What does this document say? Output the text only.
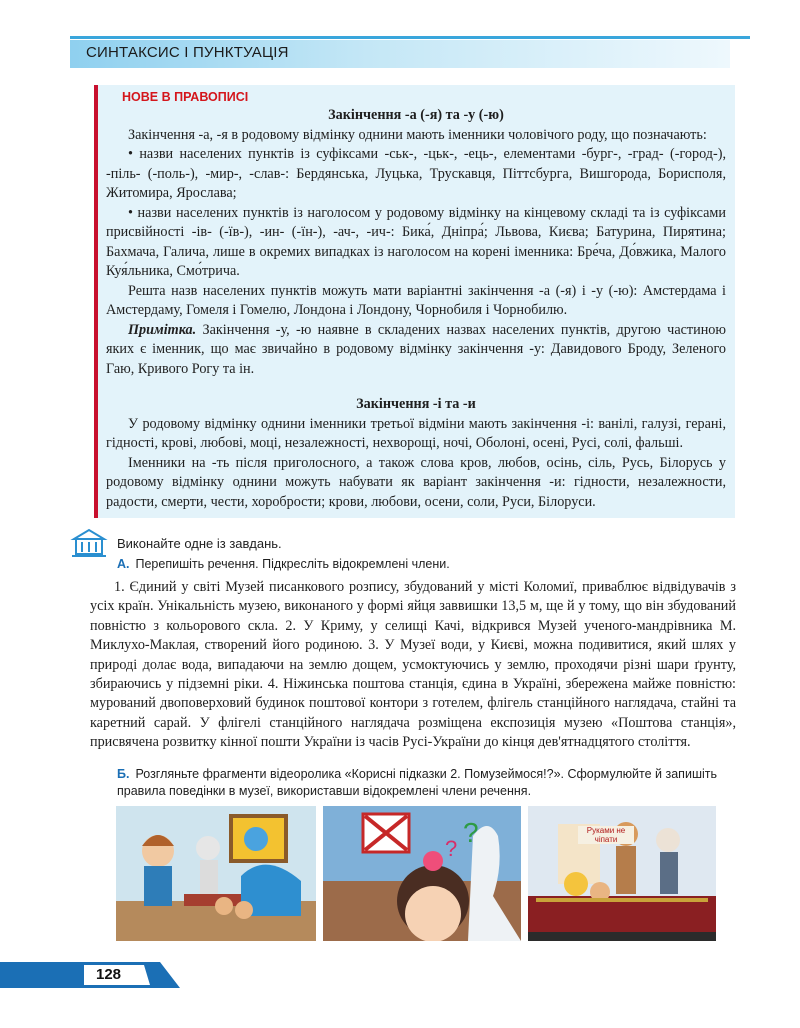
СИНТАКСИС І ПУНКТУАЦІЯ
НОВЕ В ПРАВОПИСІ
Закінчення -а (-я) та -у (-ю)

Закінчення -а, -я в родовому відмінку однини мають іменники чоловічого роду, що позначають:

• назви населених пунктів із суфіксами -ськ-, -цьк-, -ець-, елементами -бург-, -град- (-город-), -піль- (-поль-), -мир-, -слав-: Бердянська, Луцька, Трускавця, Піттсбурга, Вишгорода, Борисполя, Житомира, Ярослава;

• назви населених пунктів із наголосом у родовому відмінку на кінцевому складі та із суфіксами присвійності -ів- (-їв-), -ин- (-їн-), -ач-, -ич-: Бика́, Дніпра́; Львова, Києва; Батурина, Пирятина; Бахмача, Галича, лише в окремих випадках із наголосом на корені іменника: Бре́ча, До́вжика, Малого Куя́льника, Смо́трича.

Решта назв населених пунктів можуть мати варіантні закінчення -а (-я) і -у (-ю): Амстердама і Амстердаму, Гомеля і Гомелю, Лондона і Лондону, Чорнобиля і Чорнобилю.

Примітка. Закінчення -у, -ю наявне в складених назвах населених пунктів, другою частиною яких є іменник, що має звичайно в родовому відмінку закінчення -у: Давидового Броду, Зеленого Гаю, Кривого Рогу та ін.

Закінчення -і та -и

У родовому відмінку однини іменники третьої відміни мають закінчення -і: ванілі, галузі, герані, гідності, крові, любові, моці, незалежності, нехворощі, ночі, Оболоні, осені, Русі, солі, фальші.

Іменники на -ть після приголосного, а також слова кров, любов, осінь, сіль, Русь, Білорусь у родовому відмінку однини можуть набувати як варіант закінчення -и: гідности, незалежности, радости, смерти, чести, хоробрости; крови, любови, осени, соли, Руси, Білоруси.

Виконайте одне із завдань.
А. Перепишіть речення. Підкресліть відокремлені члени.
1. Єдиний у світі Музей писанкового розпису, збудований у місті Коломиї, приваблює відвідувачів з усіх країн. Унікальність музею, виконаного у формі яйця заввишки 13,5 м, ще й у тому, що він збудований повністю з кольорового скла. 2. У Криму, у селищі Качі, відкрився Музей ученого-мандрівника М. Миклухо-Маклая, створений його родиною. 3. У Музеї води, у Києві, можна подивитися, який шлях у природі долає вода, випадаючи на землю дощем, усмоктуючись у землю, проходячи різні шари ґрунту, збираючись у підземні ріки. 4. Ніжинська поштова станція, єдина в Україні, збережена майже повністю: мурований двоповерховий будинок поштової контори з готелем, флігель станційного наглядача, стайні та каретний сарай. У флігелі станційного наглядача розміщена експозиція музею «Поштова станція», присвячена розвитку кінної пошти України із часів Русі-України до кінця дев'ятнадцятого століття.
Б. Розгляньте фрагменти відеоролика «Корисні підказки 2. Помузеймося!?». Сформулюйте й запишіть правила поведінки в музеї, використавши відокремлені члени речення.
?
?
Руками не чіпати
128
